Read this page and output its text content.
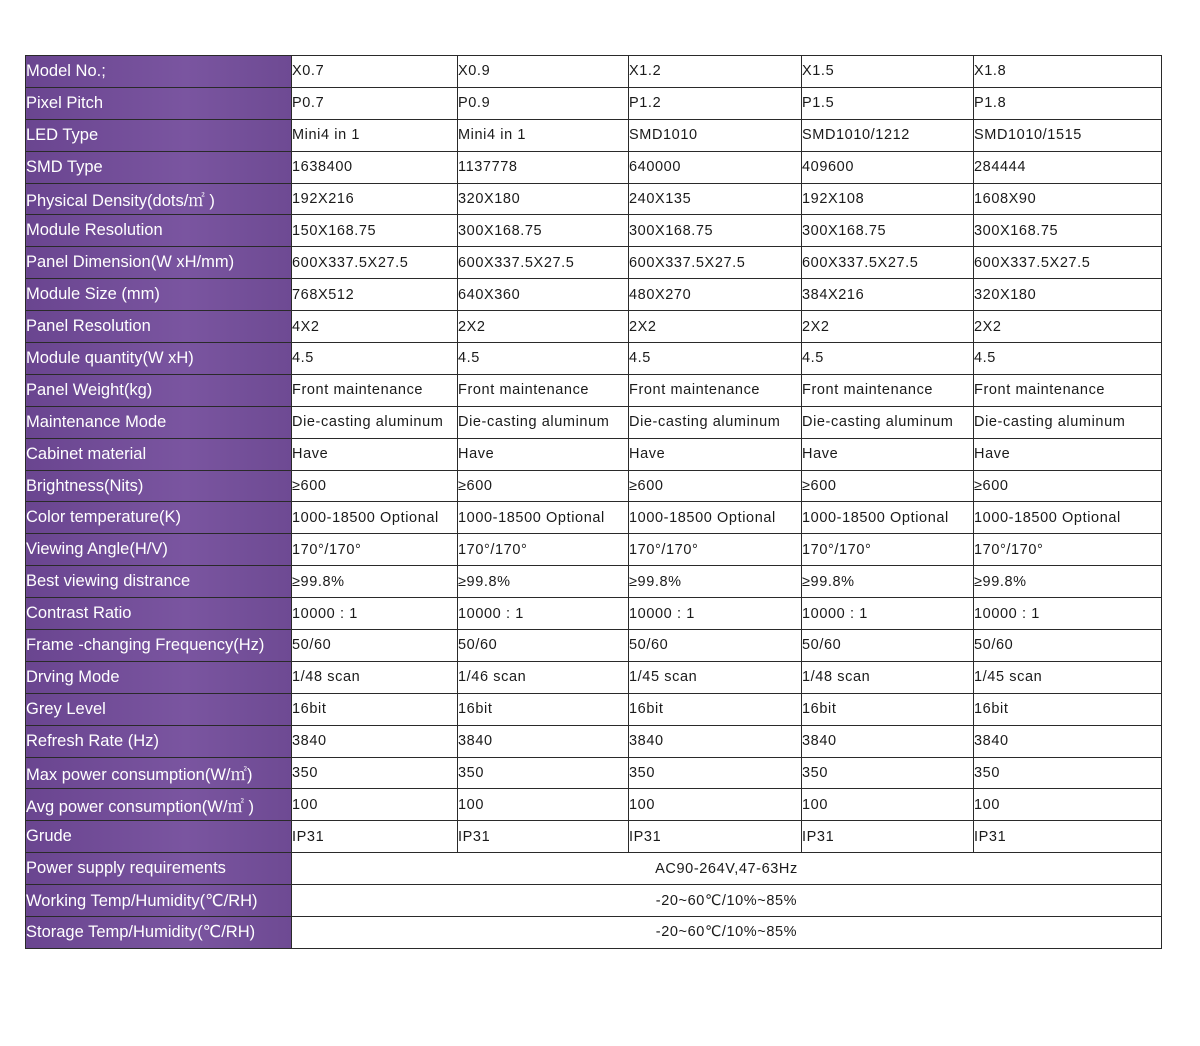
Model No.;	X0.7	X0.9	X1.2	X1.5	X1.8
Pixel Pitch	P0.7	P0.9	P1.2	P1.5	P1.8
LED Type	Mini4 in 1	Mini4 in 1	SMD1010	SMD1010/1212	SMD1010/1515
SMD Type	1638400	1137778	640000	409600	284444
Physical Density(dots/㎡ )	192X216	320X180	240X135	192X108	1608X90
Module Resolution	150X168.75	300X168.75	300X168.75	300X168.75	300X168.75
Panel Dimension(W xH/mm)	600X337.5X27.5	600X337.5X27.5	600X337.5X27.5	600X337.5X27.5	600X337.5X27.5
Module Size (mm)	768X512	640X360	480X270	384X216	320X180
Panel Resolution	4X2	2X2	2X2	2X2	2X2
Module quantity(W xH)	4.5	4.5	4.5	4.5	4.5
Panel Weight(kg)	Front maintenance	Front maintenance	Front maintenance	Front maintenance	Front maintenance
Maintenance Mode	Die-casting aluminum	Die-casting aluminum	Die-casting aluminum	Die-casting aluminum	Die-casting aluminum
Cabinet material	Have	Have	Have	Have	Have
Brightness(Nits)	≥600	≥600	≥600	≥600	≥600
Color temperature(K)	1000-18500 Optional	1000-18500 Optional	1000-18500 Optional	1000-18500 Optional	1000-18500 Optional
Viewing Angle(H/V)	170°/170°	170°/170°	170°/170°	170°/170°	170°/170°
Best viewing distrance	≥99.8%	≥99.8%	≥99.8%	≥99.8%	≥99.8%
Contrast Ratio	10000 : 1	10000 : 1	10000 : 1	10000 : 1	10000 : 1
Frame -changing Frequency(Hz)	50/60	50/60	50/60	50/60	50/60
Drving Mode	1/48 scan	1/46 scan	1/45 scan	1/48 scan	1/45 scan
Grey Level	16bit	16bit	16bit	16bit	16bit
Refresh Rate (Hz)	3840	3840	3840	3840	3840
Max power consumption(W/㎡)	350	350	350	350	350
Avg power consumption(W/㎡ )	100	100	100	100	100
Grude	IP31	IP31	IP31	IP31	IP31
Power supply requirements	AC90-264V,47-63Hz				
Working Temp/Humidity(℃/RH)	-20~60℃/10%~85%				
Storage Temp/Humidity(℃/RH)	-20~60℃/10%~85%				
